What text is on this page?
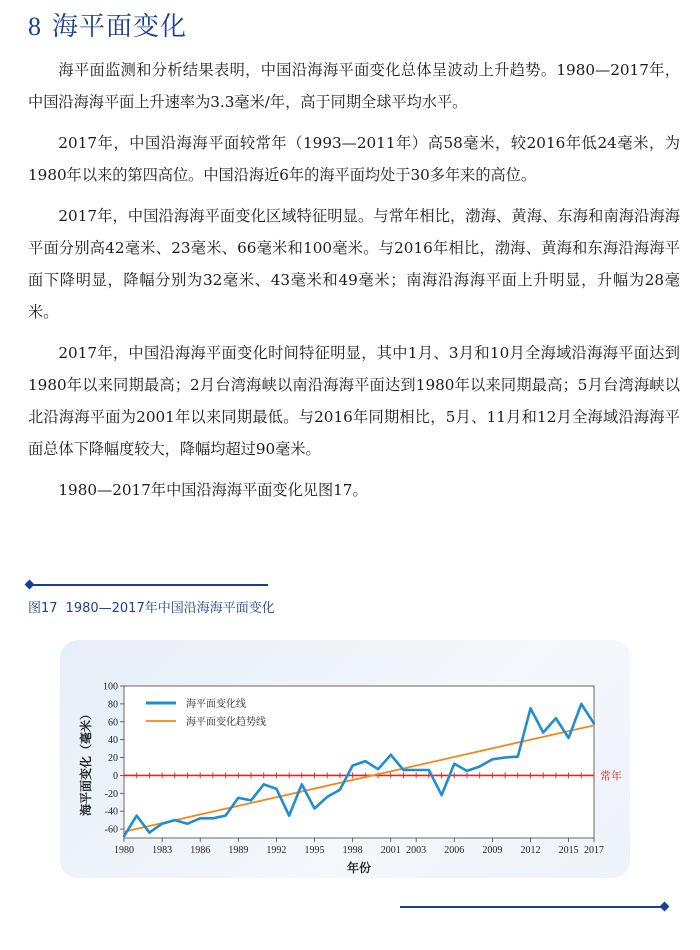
8 海平面变化

海平面监测和分析结果表明，中国沿海海平面变化总体呈波动上升趋势。1980—2017年，中国沿海海平面上升速率为3.3毫米/年，高于同期全球平均水平。

2017年，中国沿海海平面较常年（1993—2011年）高58毫米，较2016年低24毫米，为1980年以来的第四高位。中国沿海近6年的海平面均处于30多年来的高位。

2017年，中国沿海海平面变化区域特征明显。与常年相比，渤海、黄海、东海和南海沿海海平面分别高42毫米、23毫米、66毫米和100毫米。与2016年相比，渤海、黄海和东海沿海海平面下降明显，降幅分别为32毫米、43毫米和49毫米；南海沿海海平面上升明显，升幅为28毫米。

2017年，中国沿海海平面变化时间特征明显，其中1月、3月和10月全海域沿海海平面达到1980年以来同期最高；2月台湾海峡以南沿海海平面达到1980年以来同期最高；5月台湾海峡以北沿海海平面为2001年以来同期最低。与2016年同期相比，5月、11月和12月全海域沿海海平面总体下降幅度较大，降幅均超过90毫米。

1980—2017年中国沿海海平面变化见图17。

图17 1980—2017年中国沿海海平面变化
-60
-40
-20
0
20
40
60
80
100
1980 1983 1986 1989 1992 1995 1998 2001 2003 2006 2009 2012 2015 2017
常年
海平面变化线
海平面变化趋势线
年份
海平面变化（毫米）
